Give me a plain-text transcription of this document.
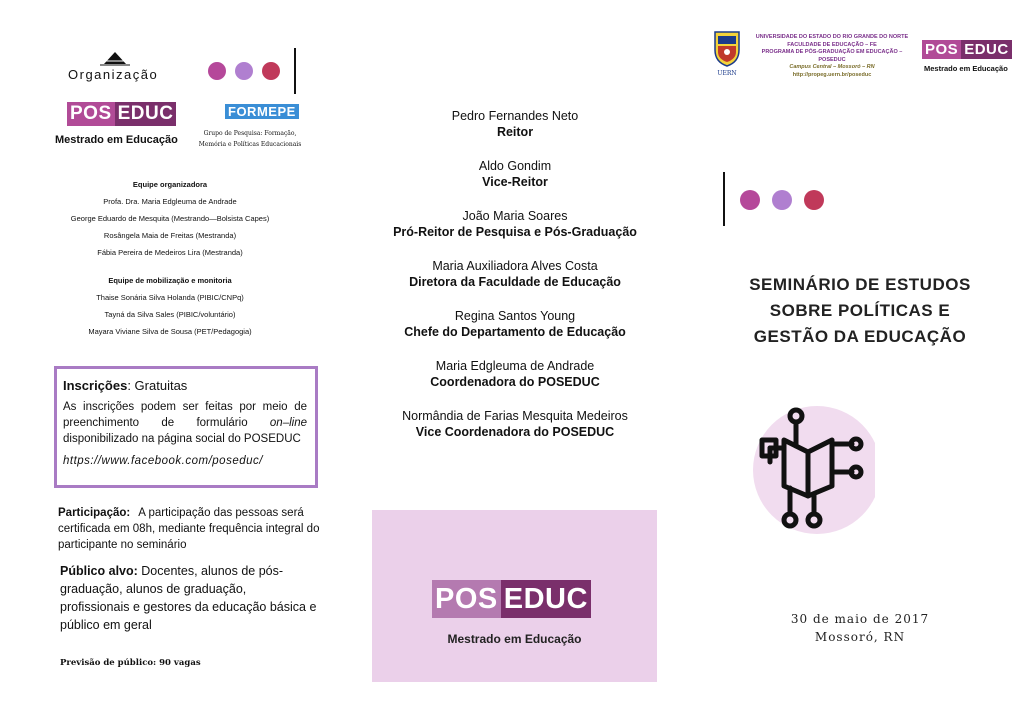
Organização
POS EDUC
Mestrado em Educação
FORMEPE
Grupo de Pesquisa: Formação, Memória e Políticas Educacionais
Equipe organizadora
Profa. Dra. Maria Edgleuma de Andrade
George Eduardo de Mesquita (Mestrando—Bolsista Capes)
Rosângela Maia de Freitas (Mestranda)
Fábia Pereira de Medeiros Lira (Mestranda)
Equipe de mobilização e monitoria
Thaise Sonária Silva Holanda (PIBIC/CNPq)
Tayná da Silva Sales (PIBIC/voluntário)
Mayara Viviane Silva de Sousa (PET/Pedagogia)
Inscrições: Gratuitas
As inscrições podem ser feitas por meio de preenchimento de formulário on–line disponibilizado na página social do POSEDUC
https://www.facebook.com/poseduc/
Participação: A participação das pessoas será certificada em 08h, mediante frequência integral do participante no seminário
Público alvo: Docentes, alunos de pós-graduação, alunos de graduação, profissionais e gestores da educação básica e público em geral
Previsão de público: 90 vagas
Pedro Fernandes Neto
Reitor
Aldo Gondim
Vice-Reitor
João Maria Soares
Pró-Reitor de Pesquisa e Pós-Graduação
Maria Auxiliadora Alves Costa
Diretora da Faculdade de Educação
Regina Santos Young
Chefe do Departamento de Educação
Maria Edgleuma de Andrade
Coordenadora do POSEDUC
Normândia de Farias Mesquita Medeiros
Vice Coordenadora do POSEDUC
POS EDUC
Mestrado em Educação
UERN
UNIVERSIDADE DO ESTADO DO RIO GRANDE DO NORTE
FACULDADE DE EDUCAÇÃO – FE
PROGRAMA DE PÓS-GRADUAÇÃO EM EDUCAÇÃO – POSEDUC
Campus Central – Mossoró – RN
http://propeg.uern.br/poseduc
POS EDUC
Mestrado em Educação
SEMINÁRIO DE ESTUDOS
SOBRE POLÍTICAS E
GESTÃO DA EDUCAÇÃO
30 de maio de 2017
Mossoró, RN
